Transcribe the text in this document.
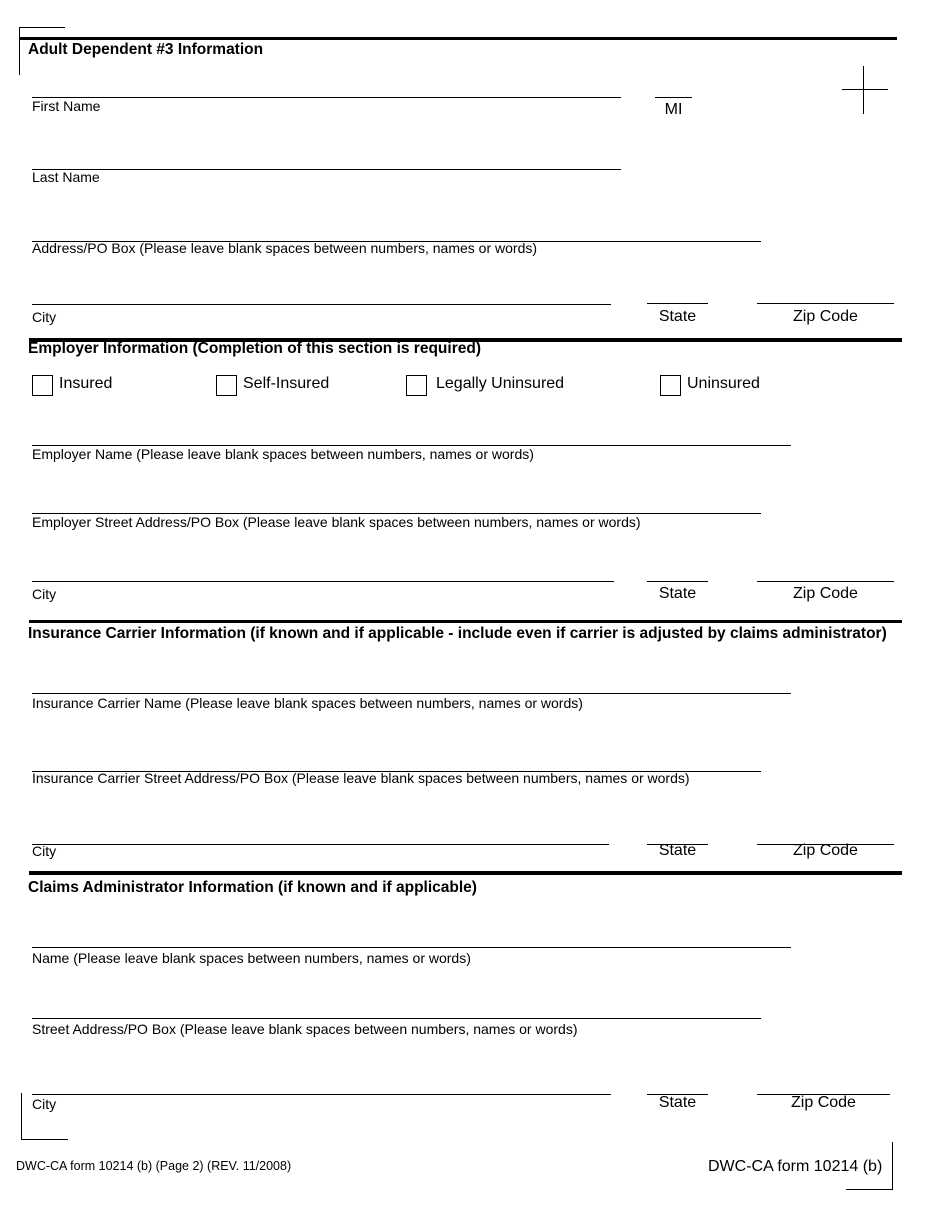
Adult Dependent #3 Information
First Name	MI
Last Name
Address/PO Box (Please leave blank spaces between numbers, names or words)
City	State	Zip Code
Employer Information (Completion of this section is required)
Insured	Self-Insured	Legally Uninsured	Uninsured
Employer Name (Please leave blank spaces between numbers, names or words)
Employer Street Address/PO Box (Please leave blank spaces between numbers, names or words)
City	State	Zip Code
Insurance Carrier Information (if known and if applicable - include even if carrier is adjusted by claims administrator)
Insurance Carrier Name (Please leave blank spaces between numbers, names or words)
Insurance Carrier Street Address/PO Box (Please leave blank spaces between numbers, names or words)
City	State	Zip Code
Claims Administrator Information (if known and if applicable)
Name (Please leave blank spaces between numbers, names or words)
Street Address/PO Box (Please leave blank spaces between numbers, names or words)
City	State	Zip Code
DWC-CA form 10214 (b) (Page 2) (REV. 11/2008)	DWC-CA form 10214 (b)
